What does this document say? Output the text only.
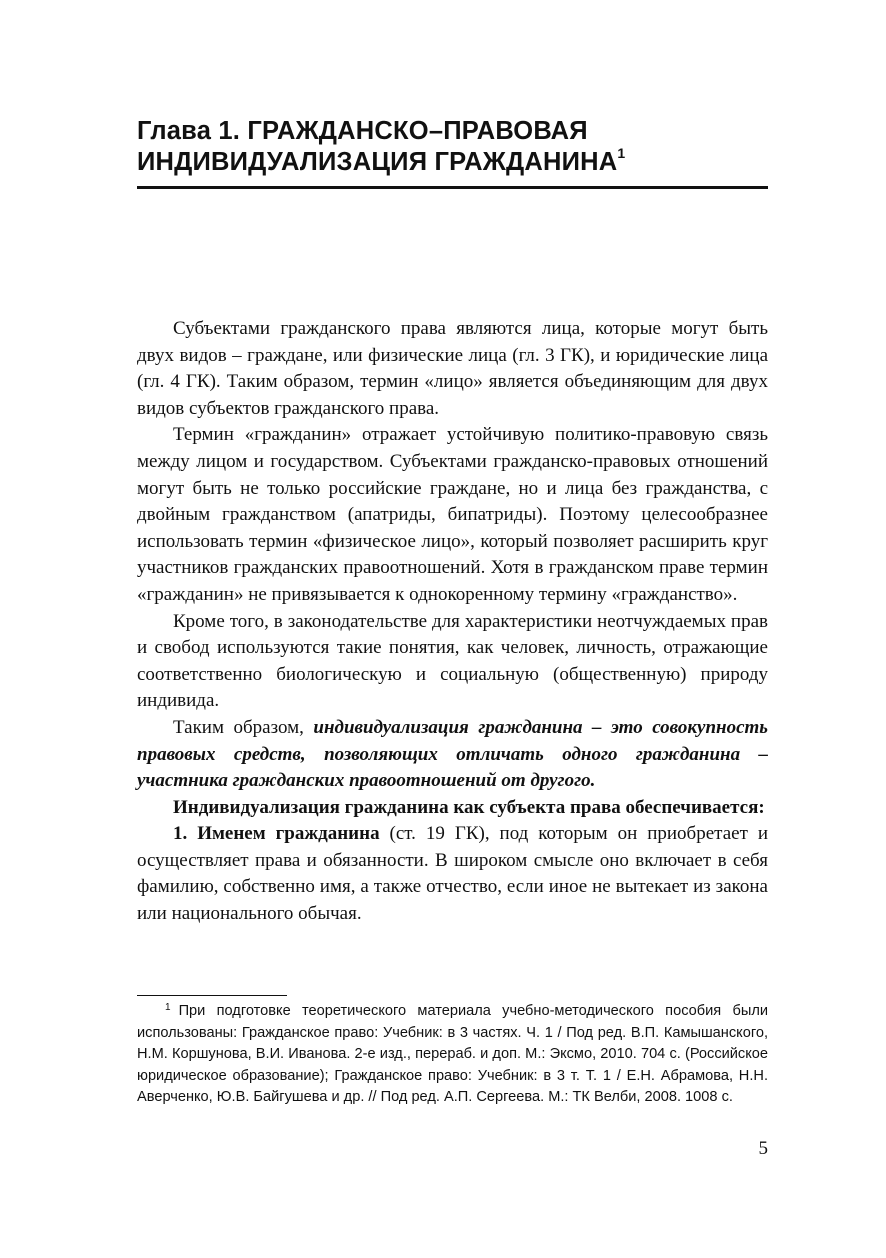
Глава 1. ГРАЖДАНСКО–ПРАВОВАЯ
ИНДИВИДУАЛИЗАЦИЯ ГРАЖДАНИНА$^1$

Субъектами гражданского права являются лица, которые могут быть двух видов – граждане, или физические лица (гл. 3 ГК), и юридические лица (гл. 4 ГК). Таким образом, термин «лицо» является объединяющим для двух видов субъектов гражданского права.

Термин «гражданин» отражает устойчивую политико-правовую связь между лицом и государством. Субъектами гражданско-правовых отношений могут быть не только российские граждане, но и лица без гражданства, с двойным гражданством (апатриды, бипатриды). Поэтому целесообразнее использовать термин «физическое лицо», который позволяет расширить круг участников гражданских правоотношений. Хотя в гражданском праве термин «гражданин» не привязывается к однокоренному термину «гражданство».

Кроме того, в законодательстве для характеристики неотчуждаемых прав и свобод используются такие понятия, как человек, личность, отражающие соответственно биологическую и социальную (общественную) природу индивида.

Таким образом, индивидуализация гражданина – это совокупность правовых средств, позволяющих отличать одного гражданина – участника гражданских правоотношений от другого.

Индивидуализация гражданина как субъекта права обеспечивается:

1. Именем гражданина (ст. 19 ГК), под которым он приобретает и осуществляет права и обязанности. В широком смысле оно включает в себя фамилию, собственно имя, а также отчество, если иное не вытекает из закона или национального обычая.

$^1$ При подготовке теоретического материала учебно-методического пособия были использованы: Гражданское право: Учебник: в 3 частях. Ч. 1 / Под ред. В.П. Камышанского, Н.М. Коршунова, В.И. Иванова. 2-е изд., перераб. и доп. М.: Эксмо, 2010. 704 с. (Российское юридическое образование); Гражданское право: Учебник: в 3 т. Т. 1 / Е.Н. Абрамова, Н.Н. Аверченко, Ю.В. Байгушева и др. // Под ред. А.П. Сергеева. М.: ТК Велби, 2008. 1008 с.

5
